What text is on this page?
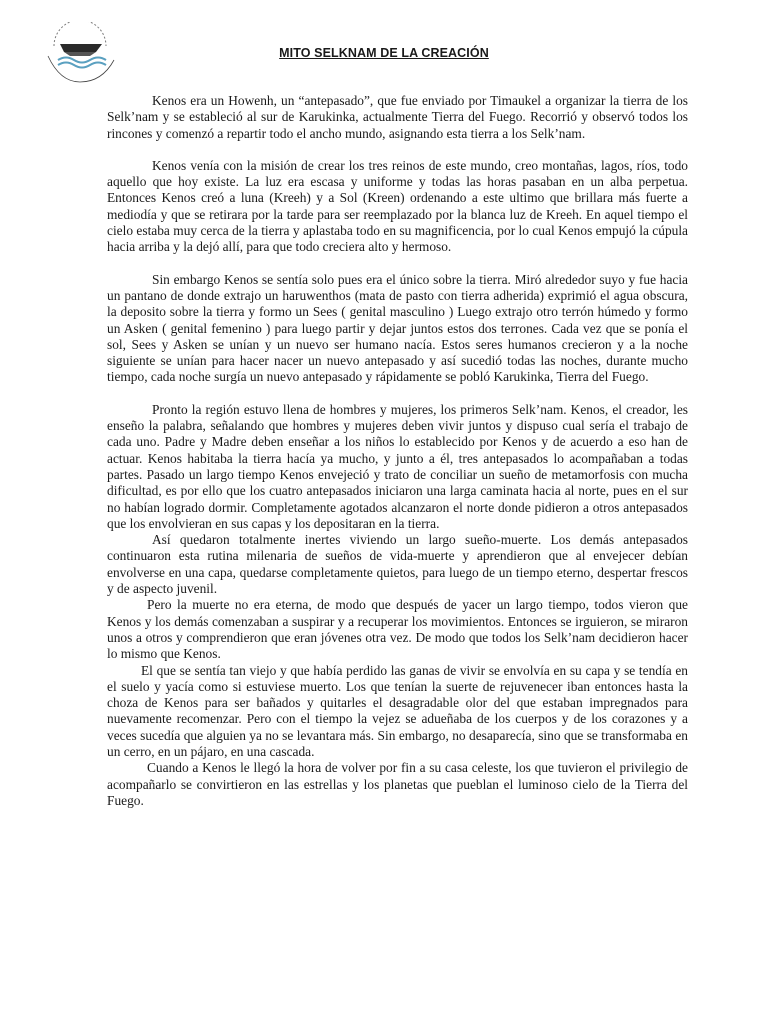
MITO SELKNAM DE LA CREACIÓN

Kenos era un Howenh, un “antepasado”, que fue enviado por Timaukel a organizar la tierra de los Selk’nam y se estableció al sur de Karukinka, actualmente Tierra del Fuego. Recorrió y observó todos los rincones y comenzó a repartir todo el ancho mundo, asignando esta tierra a los Selk’nam.

Kenos venía con la misión de crear los tres reinos de este mundo, creo montañas, lagos, ríos, todo aquello que hoy existe. La luz era escasa y uniforme y todas las horas pasaban en un alba perpetua. Entonces Kenos creó a luna (Kreeh) y a Sol (Kreen) ordenando a este ultimo que brillara más fuerte a mediodía y que se retirara por la tarde para ser reemplazado por la blanca luz de Kreeh. En aquel tiempo el cielo estaba muy cerca de la tierra y aplastaba todo en su magnificencia, por lo cual Kenos empujó la cúpula hacia arriba y la dejó allí, para que todo creciera alto y hermoso.

Sin embargo Kenos se sentía solo pues era el único sobre la tierra. Miró alrededor suyo y fue hacia un pantano de donde extrajo un haruwenthos (mata de pasto con tierra adherida) exprimió el agua obscura, la deposito sobre la tierra y formo un Sees ( genital masculino ) Luego extrajo otro terrón húmedo y formo un Asken ( genital femenino ) para luego partir y dejar juntos estos dos terrones. Cada vez que se ponía el sol, Sees y Asken se unían y un nuevo ser humano nacía. Estos seres humanos crecieron y a la noche siguiente se unían para hacer nacer un nuevo antepasado y así sucedió todas las noches, durante mucho tiempo, cada noche surgía un nuevo antepasado y rápidamente se pobló Karukinka, Tierra del Fuego.

Pronto la región estuvo llena de hombres y mujeres, los primeros Selk’nam. Kenos, el creador, les enseño la palabra, señalando que hombres y mujeres deben vivir juntos y dispuso cual sería el trabajo de cada uno. Padre y Madre deben enseñar a los niños lo establecido por Kenos y de acuerdo a eso han de actuar. Kenos habitaba la tierra hacía ya mucho, y junto a él, tres antepasados lo acompañaban a todas partes. Pasado un largo tiempo Kenos envejeció y trato de conciliar un sueño de metamorfosis con mucha dificultad, es por ello que los cuatro antepasados iniciaron una larga caminata hacia al norte, pues en el sur no habían logrado dormir. Completamente agotados alcanzaron el norte donde pidieron a otros antepasados que los envolvieran en sus capas y los depositaran en la tierra.

Así quedaron totalmente inertes viviendo un largo sueño-muerte. Los demás antepasados continuaron esta rutina milenaria de sueños de vida-muerte y aprendieron que al envejecer debían envolverse en una capa, quedarse completamente quietos, para luego de un tiempo eterno, despertar frescos y de aspecto juvenil.

Pero la muerte no era eterna, de modo que después de yacer un largo tiempo, todos vieron que Kenos y los demás comenzaban a suspirar y a recuperar los movimientos. Entonces se irguieron, se miraron unos a otros y comprendieron que eran jóvenes otra vez. De modo que todos los Selk’nam decidieron hacer lo mismo que Kenos.

El que se sentía tan viejo y que había perdido las ganas de vivir se envolvía en su capa y se tendía en el suelo y yacía como si estuviese muerto. Los que tenían la suerte de rejuvenecer iban entonces hasta la choza de Kenos para ser bañados y quitarles el desagradable olor del que estaban impregnados para nuevamente recomenzar. Pero con el tiempo la vejez se adueñaba de los cuerpos y de los corazones y a veces sucedía que alguien ya no se levantara más. Sin embargo, no desaparecía, sino que se transformaba en un cerro, en un pájaro, en una cascada.

Cuando a Kenos le llegó la hora de volver por fin a su casa celeste, los que tuvieron el privilegio de acompañarlo se convirtieron en las estrellas y los planetas que pueblan el luminoso cielo de la Tierra del Fuego.
